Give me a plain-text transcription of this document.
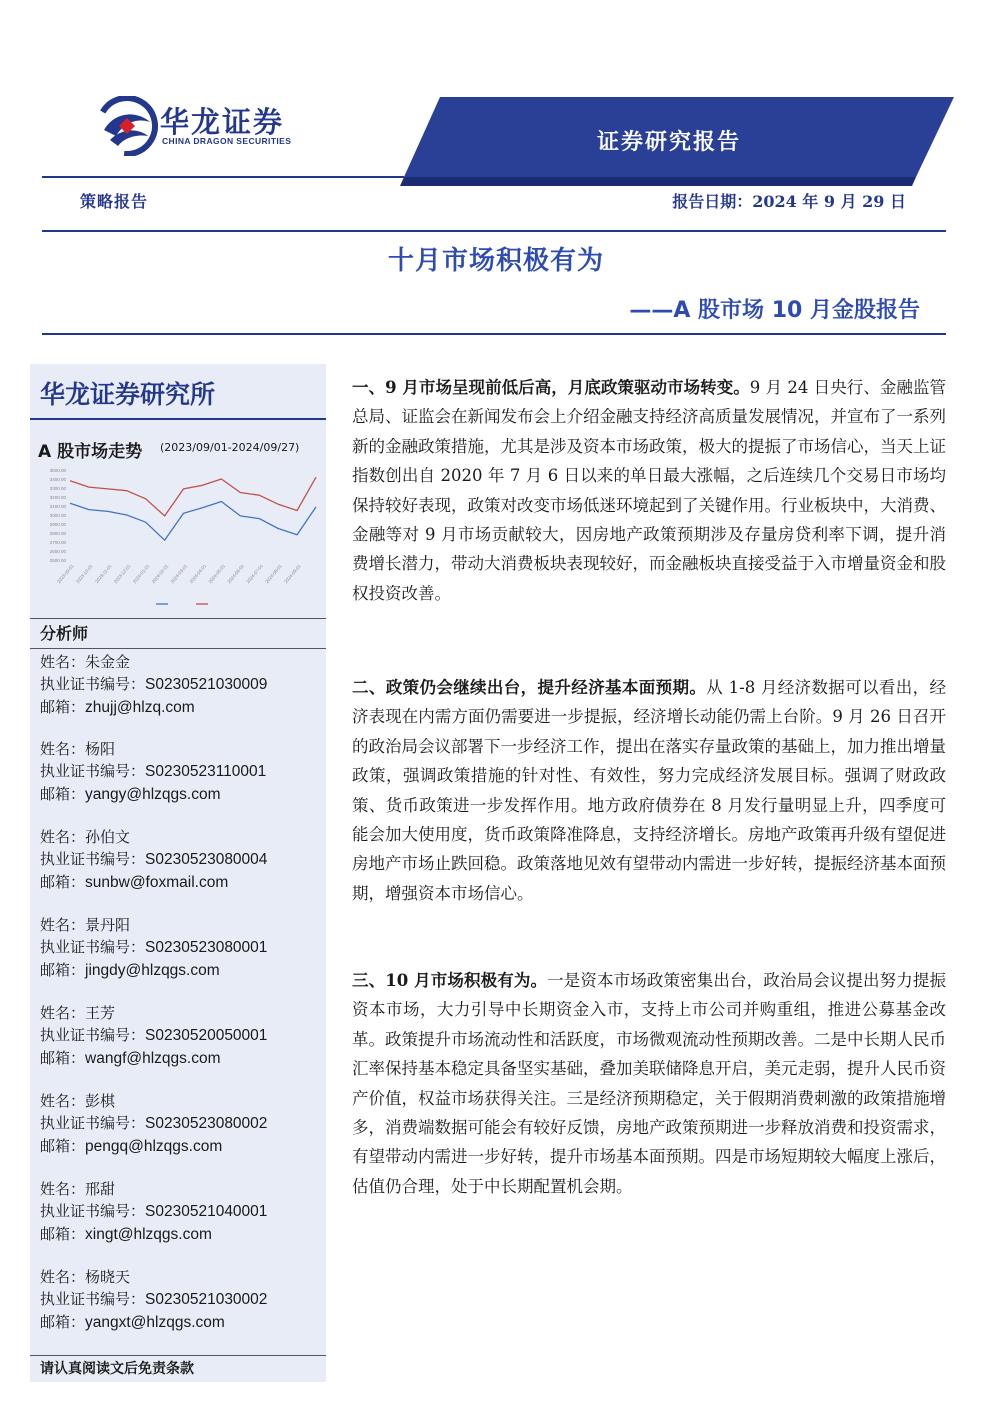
华龙证券
CHINA DRAGON SECURITIES	证券研究报告
策略报告	报告日期：2024 年 9 月 29 日
十月市场积极有为
——A 股市场 10 月金股报告
华龙证券研究所
A 股市场走势 (2023/09/01-2024/09/27)
2500.00
2600.00
2700.00
2800.00
2900.00
3000.00
3100.00
3200.00
3300.00
3400.00
3500.00
2023-09-01 2023-10-01 2023-11-01 2023-12-01 2024-01-01 2024-02-01 2024-03-01 2024-04-01 2024-05-01 2024-06-01 2024-07-01 2024-08-01 2024-09-01
分析师
姓名：朱金金
执业证书编号：S0230521030009
邮箱：zhujj@hlzq.com
姓名：杨阳
执业证书编号：S0230523110001
邮箱：yangy@hlzqgs.com
姓名：孙伯文
执业证书编号：S0230523080004
邮箱：sunbw@foxmail.com
姓名：景丹阳
执业证书编号：S0230523080001
邮箱：jingdy@hlzqgs.com
姓名：王芳
执业证书编号：S0230520050001
邮箱：wangf@hlzqgs.com
姓名：彭棋
执业证书编号：S0230523080002
邮箱：pengq@hlzqgs.com
姓名：邢甜
执业证书编号：S0230521040001
邮箱：xingt@hlzqgs.com
姓名：杨晓天
执业证书编号：S0230521030002
邮箱：yangxt@hlzqgs.com
请认真阅读文后免责条款
一、9 月市场呈现前低后高，月底政策驱动市场转变。9 月 24 日央行、金融监管总局、证监会在新闻发布会上介绍金融支持经济高质量发展情况，并宣布了一系列新的金融政策措施，尤其是涉及资本市场政策，极大的提振了市场信心，当天上证指数创出自 2020 年 7 月 6 日以来的单日最大涨幅，之后连续几个交易日市场均保持较好表现，政策对改变市场低迷环境起到了关键作用。行业板块中，大消费、金融等对 9 月市场贡献较大，因房地产政策预期涉及存量房贷利率下调，提升消费增长潜力，带动大消费板块表现较好，而金融板块直接受益于入市增量资金和股权投资改善。
二、政策仍会继续出台，提升经济基本面预期。从 1-8 月经济数据可以看出，经济表现在内需方面仍需要进一步提振，经济增长动能仍需上台阶。9 月 26 日召开的政治局会议部署下一步经济工作，提出在落实存量政策的基础上，加力推出增量政策，强调政策措施的针对性、有效性，努力完成经济发展目标。强调了财政政策、货币政策进一步发挥作用。地方政府债券在 8 月发行量明显上升，四季度可能会加大使用度，货币政策降准降息，支持经济增长。房地产政策再升级有望促进房地产市场止跌回稳。政策落地见效有望带动内需进一步好转，提振经济基本面预期，增强资本市场信心。
三、10 月市场积极有为。一是资本市场政策密集出台，政治局会议提出努力提振资本市场，大力引导中长期资金入市，支持上市公司并购重组，推进公募基金改革。政策提升市场流动性和活跃度，市场微观流动性预期改善。二是中长期人民币汇率保持基本稳定具备坚实基础，叠加美联储降息开启，美元走弱，提升人民币资产价值，权益市场获得关注。三是经济预期稳定，关于假期消费刺激的政策措施增多，消费端数据可能会有较好反馈，房地产政策预期进一步释放消费和投资需求，有望带动内需进一步好转，提升市场基本面预期。四是市场短期较大幅度上涨后，估值仍合理，处于中长期配置机会期。
